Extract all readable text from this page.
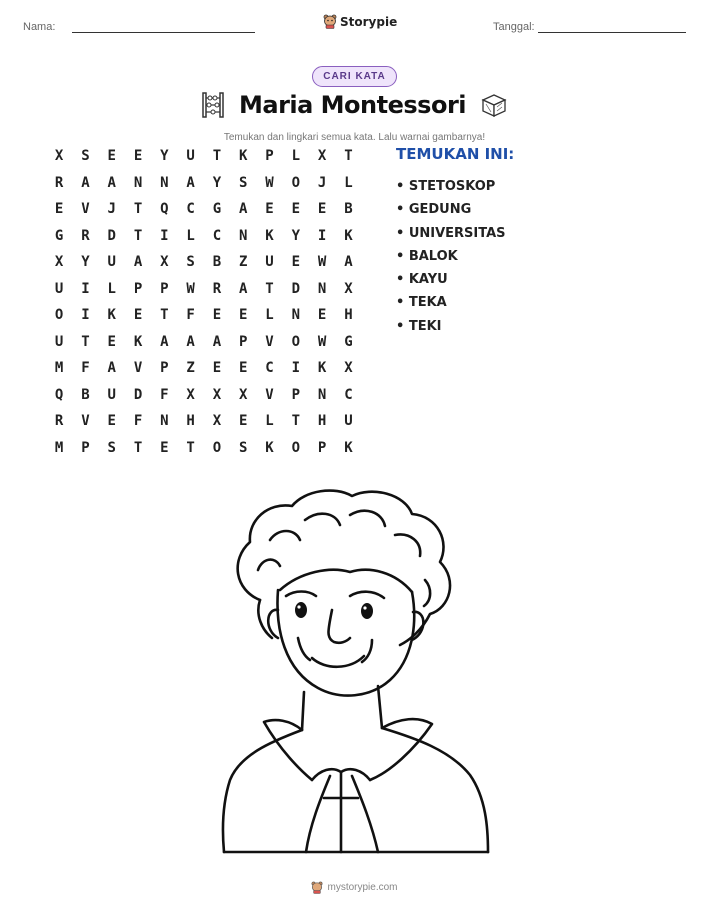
Nama:	Storypie	Tanggal:
CARI KATA
Maria Montessori
Temukan dan lingkari semua kata. Lalu warnai gambarnya!
X	S	E	E	Y	U	T	K	P	L	X	T
R	A	A	N	N	A	Y	S	W	O	J	L
E	V	J	T	Q	C	G	A	E	E	E	B
G	R	D	T	I	L	C	N	K	Y	I	K
X	Y	U	A	X	S	B	Z	U	E	W	A
U	I	L	P	P	W	R	A	T	D	N	X
O	I	K	E	T	F	E	E	L	N	E	H
U	T	E	K	A	A	A	P	V	O	W	G
M	F	A	V	P	Z	E	E	C	I	K	X
Q	B	U	D	F	X	X	X	V	P	N	C
R	V	E	F	N	H	X	E	L	T	H	U
M	P	S	T	E	T	O	S	K	O	P	K
TEMUKAN INI:
• STETOSKOP
• GEDUNG
• UNIVERSITAS
• BALOK
• KAYU
• TEKA
• TEKI
mystorypie.com
